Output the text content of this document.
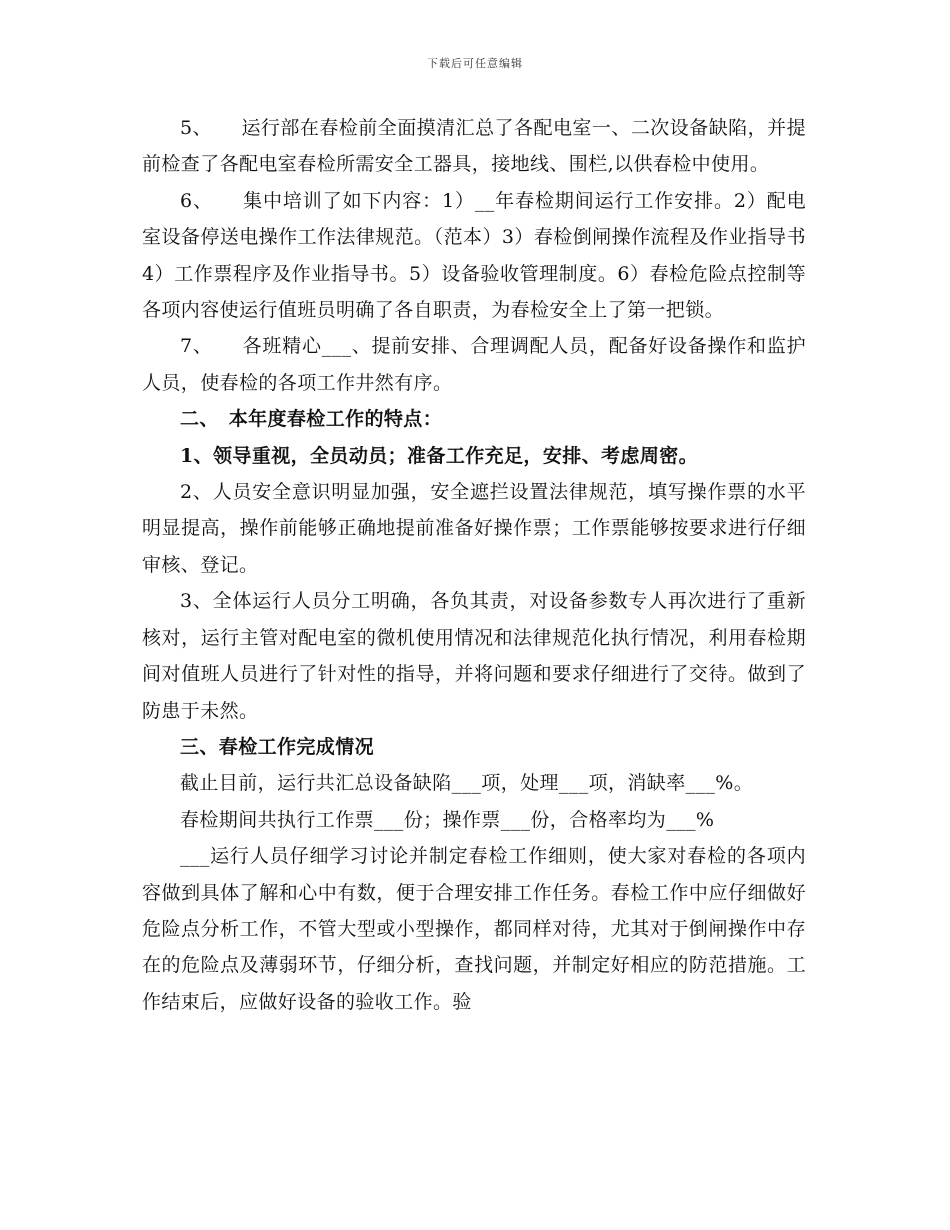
下载后可任意编辑

5、　　运行部在春检前全面摸清汇总了各配电室一、二次设备缺陷，并提前检查了各配电室春检所需安全工器具，接地线、围栏,以供春检中使用。

6、　　集中培训了如下内容：1）__年春检期间运行工作安排。2）配电室设备停送电操作工作法律规范。（范本）3）春检倒闸操作流程及作业指导书4）工作票程序及作业指导书。5）设备验收管理制度。6）春检危险点控制等各项内容使运行值班员明确了各自职责，为春检安全上了第一把锁。

7、　　各班精心___、提前安排、合理调配人员，配备好设备操作和监护人员，使春检的各项工作井然有序。

二、　本年度春检工作的特点：

1、领导重视，全员动员；准备工作充足，安排、考虑周密。

2、人员安全意识明显加强，安全遮拦设置法律规范，填写操作票的水平明显提高，操作前能够正确地提前准备好操作票；工作票能够按要求进行仔细审核、登记。

3、全体运行人员分工明确，各负其责，对设备参数专人再次进行了重新核对，运行主管对配电室的微机使用情况和法律规范化执行情况，利用春检期间对值班人员进行了针对性的指导，并将问题和要求仔细进行了交待。做到了防患于未然。

三、春检工作完成情况

截止目前，运行共汇总设备缺陷___项，处理___项，消缺率___%。

春检期间共执行工作票___份；操作票___份，合格率均为___%

___运行人员仔细学习讨论并制定春检工作细则，使大家对春检的各项内容做到具体了解和心中有数，便于合理安排工作任务。春检工作中应仔细做好危险点分析工作，不管大型或小型操作，都同样对待，尤其对于倒闸操作中存在的危险点及薄弱环节，仔细分析，查找问题，并制定好相应的防范措施。工作结束后，应做好设备的验收工作。验
